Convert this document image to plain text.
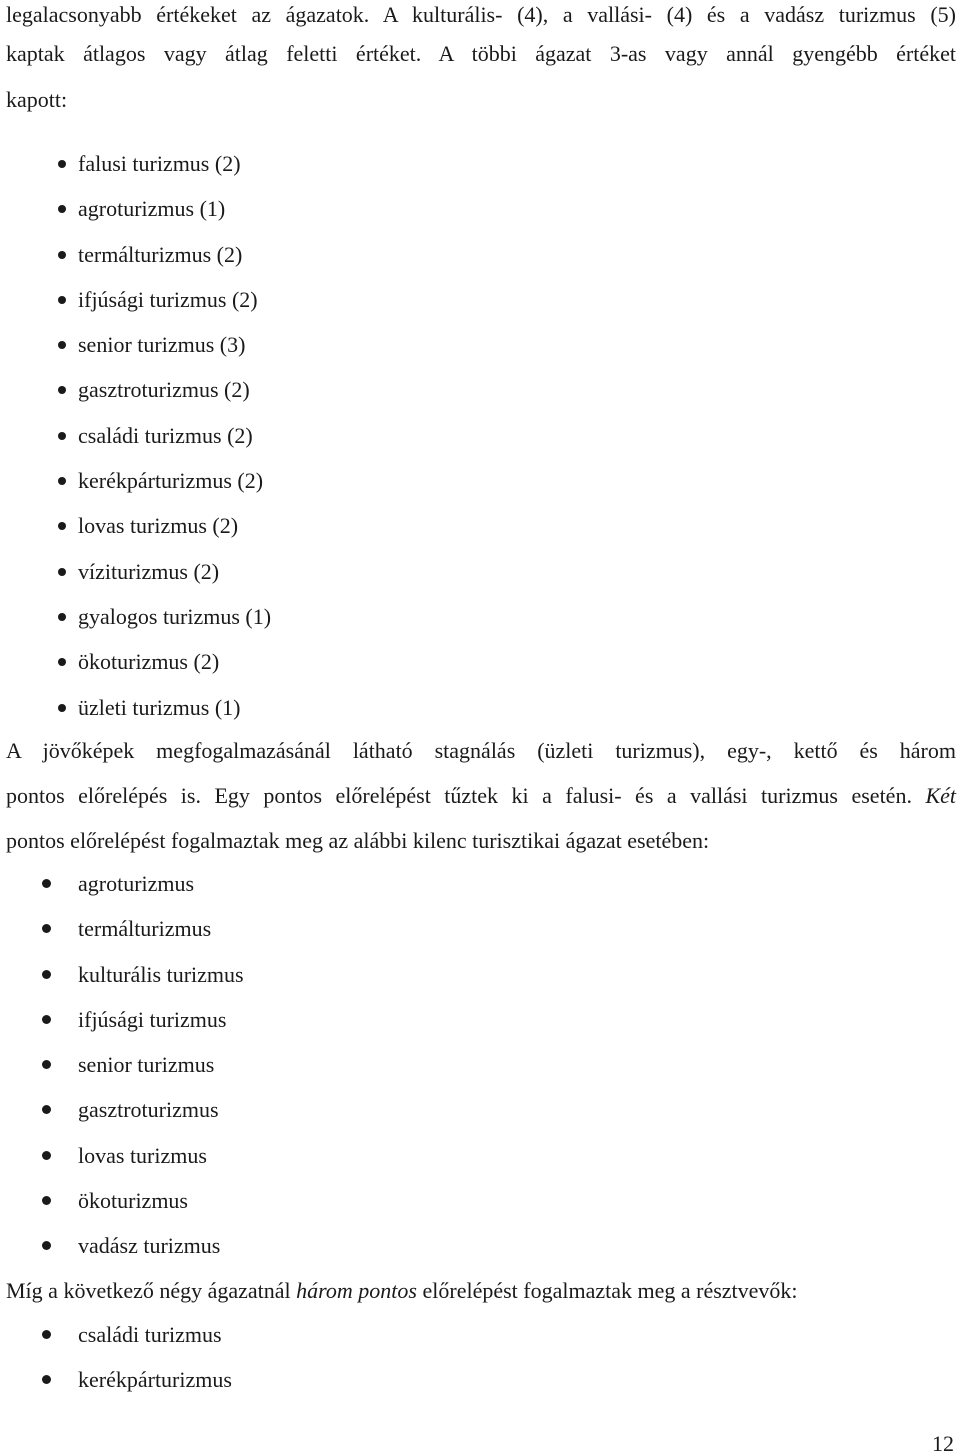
legalacsonyabb értékeket az ágazatok. A kulturális- (4), a vallási- (4) és a vadász turizmus (5)

kaptak átlagos vagy átlag feletti értéket. A többi ágazat 3-as vagy annál gyengébb értéket

kapott:

falusi turizmus (2)
agroturizmus (1)
termálturizmus (2)
ifjúsági turizmus (2)
senior turizmus (3)
gasztroturizmus (2)
családi turizmus (2)
kerékpárturizmus (2)
lovas turizmus (2)
víziturizmus (2)
gyalogos turizmus (1)
ökoturizmus (2)
üzleti turizmus (1)

A jövőképek megfogalmazásánál látható stagnálás (üzleti turizmus), egy-, kettő és három

pontos előrelépés is. Egy pontos előrelépést tűztek ki a falusi- és a vallási turizmus esetén. Két

pontos előrelépést fogalmaztak meg az alábbi kilenc turisztikai ágazat esetében:

agroturizmus
termálturizmus
kulturális turizmus
ifjúsági turizmus
senior turizmus
gasztroturizmus
lovas turizmus
ökoturizmus
vadász turizmus

Míg a következő négy ágazatnál három pontos előrelépést fogalmaztak meg a résztvevők:

családi turizmus
kerékpárturizmus
12
